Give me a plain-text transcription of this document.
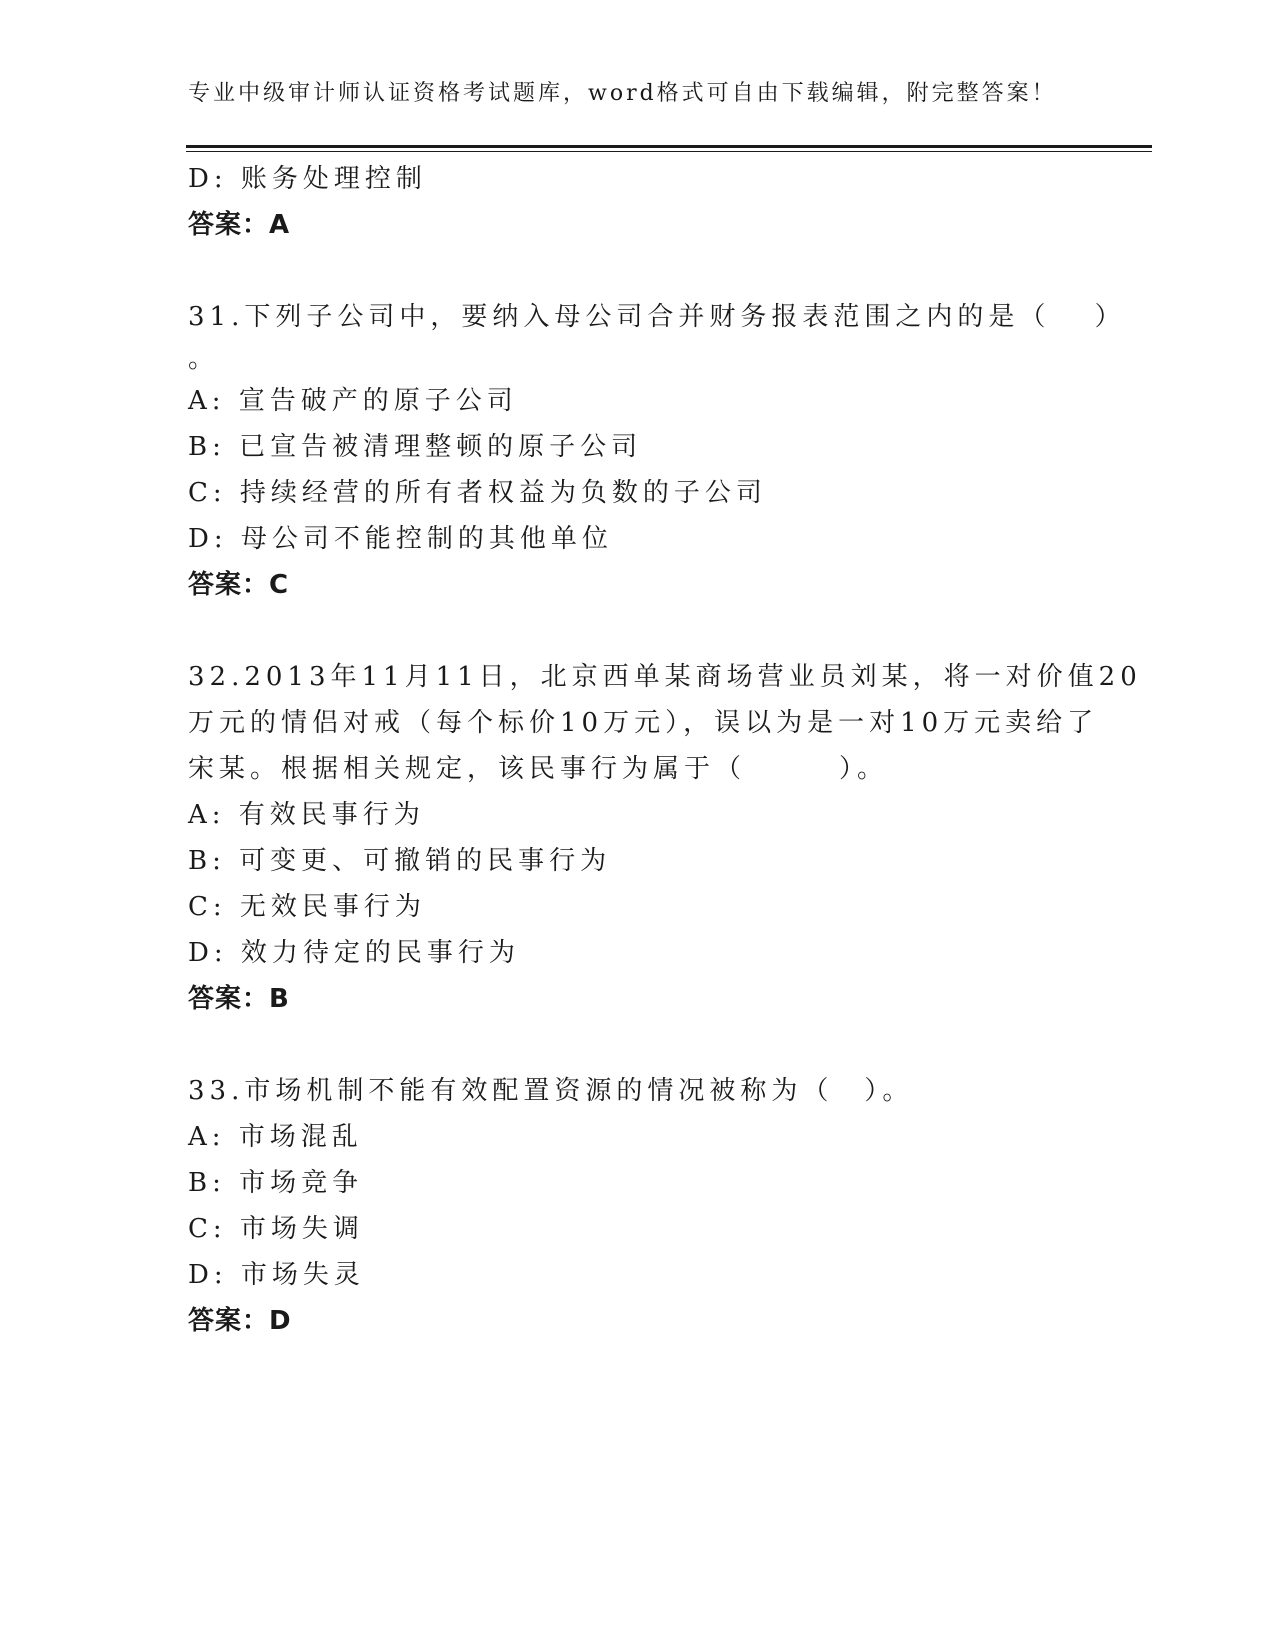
专业中级审计师认证资格考试题库，word格式可自由下载编辑，附完整答案！
D: 账务处理控制
答案：A
31.下列子公司中，要纳入母公司合并财务报表范围之内的是（　 ）
。
A: 宣告破产的原子公司
B: 已宣告被清理整顿的原子公司
C: 持续经营的所有者权益为负数的子公司
D: 母公司不能控制的其他单位
答案：C
32.2013年11月11日，北京西单某商场营业员刘某，将一对价值20
万元的情侣对戒（每个标价10万元），误以为是一对10万元卖给了
宋某。根据相关规定，该民事行为属于（　　　）。
A: 有效民事行为
B: 可变更、可撤销的民事行为
C: 无效民事行为
D: 效力待定的民事行为
答案：B
33.市场机制不能有效配置资源的情况被称为（　）。
A: 市场混乱
B: 市场竞争
C: 市场失调
D: 市场失灵
答案：D
